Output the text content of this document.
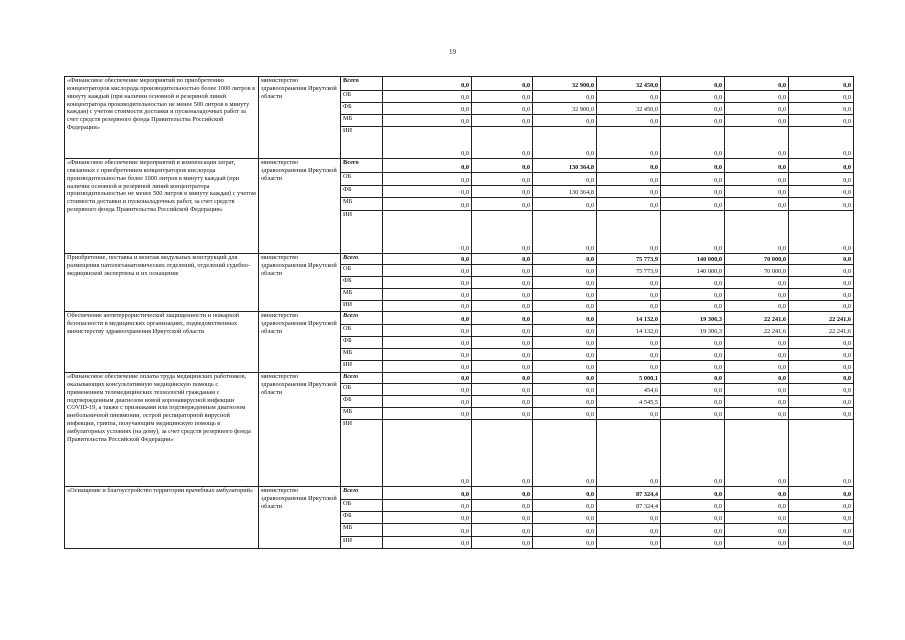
19
«Финансовое обеспечение мероприятий по приобретению концентраторов кислорода производительностью более 1000 литров в минуту каждый (при наличии основной и резервной линий концентратора производительностью не менее 500 литров в минуту каждая) с учетом стоимости доставки и пусконаладочных работ за счет средств резервного фонда Правительства Российской Федерации»	министерство здравоохранения Иркутской области	Всего	0,0	0,0	32 900,0	32 450,0	0,0	0,0	0,0
		ОБ	0,0	0,0	0,0	0,0	0,0	0,0	0,0
		ФБ	0,0	0,0	32 900,0	32 450,0	0,0	0,0	0,0
		МБ	0,0	0,0	0,0	0,0	0,0	0,0	0,0
		ИИ	0,0	0,0	0,0	0,0	0,0	0,0	0,0
«Финансовое обеспечение мероприятий и компенсация затрат, связанных с приобретением концентраторов кислорода производительностью более 1000 литров в минуту каждый (при наличии основной и резервной линий концентратора производительностью не менее 500 литров в минуту каждая) с учетом стоимости доставки и пусконаладочных работ, за счет средств резервного фонда Правительства Российской Федерации»	министерство здравоохранения Иркутской области	Всего	0,0	0,0	130 364,8	0,0	0,0	0,0	0,0
		ОБ	0,0	0,0	0,0	0,0	0,0	0,0	0,0
		ФБ	0,0	0,0	130 364,8	0,0	0,0	0,0	0,0
		МБ	0,0	0,0	0,0	0,0	0,0	0,0	0,0
		ИИ	0,0	0,0	0,0	0,0	0,0	0,0	0,0
Приобретение, поставка и монтаж модульных конструкций для размещения патологоанатомических отделений, отделений судебно-медицинской экспертизы и их оснащение	министерство здравоохранения Иркутской области	Всего	0,0	0,0	0,0	75 773,9	140 000,0	70 000,0	0,0
		ОБ	0,0	0,0	0,0	75 773,9	140 000,0	70 000,0	0,0
		ФБ	0,0	0,0	0,0	0,0	0,0	0,0	0,0
		МБ	0,0	0,0	0,0	0,0	0,0	0,0	0,0
		ИИ	0,0	0,0	0,0	0,0	0,0	0,0	0,0
Обеспечение антитеррористической защищенности и пожарной безопасности в медицинских организациях, подведомственных министерству здравоохранения Иркутской области	министерство здравоохранения Иркутской области	Всего	0,0	0,0	0,0	14 132,0	19 306,3	22 241,6	22 241,6
		ОБ	0,0	0,0	0,0	14 132,0	19 306,3	22 241,6	22 241,6
		ФБ	0,0	0,0	0,0	0,0	0,0	0,0	0,0
		МБ	0,0	0,0	0,0	0,0	0,0	0,0	0,0
		ИИ	0,0	0,0	0,0	0,0	0,0	0,0	0,0
«Финансовое обеспечение оплаты труда медицинских работников, оказывающих консультативную медицинскую помощь с применением телемедицинских технологий гражданам с подтвержденным диагнозом новой коронавирусной инфекции COVID-19, а также с признаками или подтвержденным диагнозом внебольничной пневмонии, острой респираторной вирусной инфекции, гриппа, получающим медицинскую помощь в амбулаторных условиях (на дому), за счет средств резервного фонда Правительства Российской Федерации»	министерство здравоохранения Иркутской области	Всего	0,0	0,0	0,0	5 000,1	0,0	0,0	0,0
		ОБ	0,0	0,0	0,0	454,6	0,0	0,0	0,0
		ФБ	0,0	0,0	0,0	4 545,5	0,0	0,0	0,0
		МБ	0,0	0,0	0,0	0,0	0,0	0,0	0,0
		ИИ	0,0	0,0	0,0	0,0	0,0	0,0	0,0
«Оснащение и благоустройство территории врачебных амбулаторий»	министерство здравоохранения Иркутской области	Всего	0,0	0,0	0,0	87 324,4	0,0	0,0	0,0
		ОБ	0,0	0,0	0,0	87 324,4	0,0	0,0	0,0
		ФБ	0,0	0,0	0,0	0,0	0,0	0,0	0,0
		МБ	0,0	0,0	0,0	0,0	0,0	0,0	0,0
		ИИ	0,0	0,0	0,0	0,0	0,0	0,0	0,0
